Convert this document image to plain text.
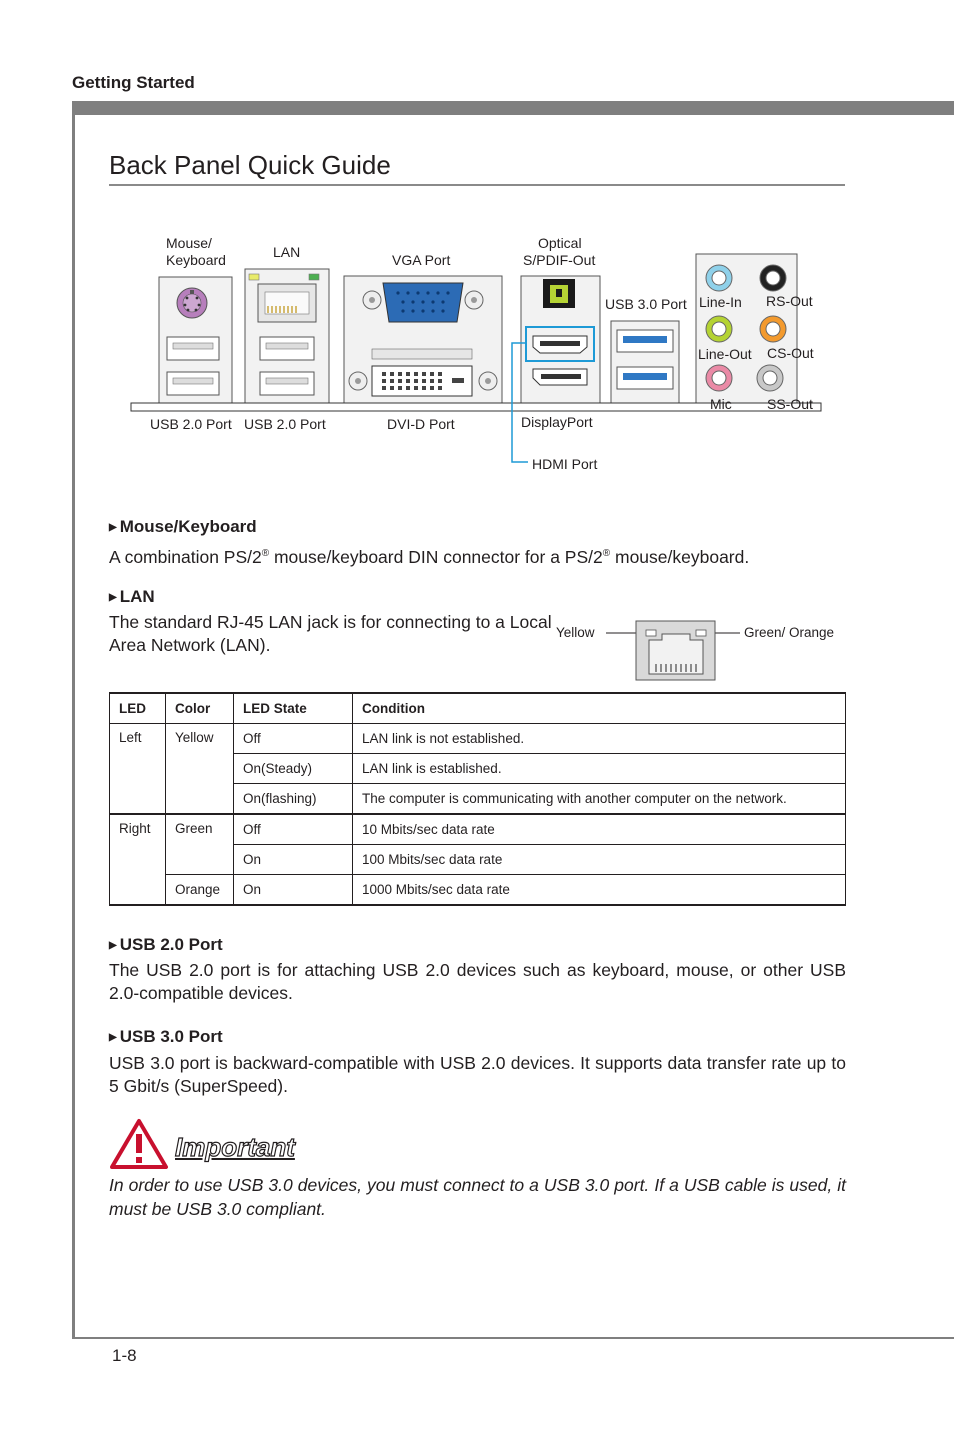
Getting Started
1-8
Back Panel Quick Guide
Mouse/
Keyboard	LAN	VGA Port
Optical
S/PDIF-Out
USB 3.0 Port Line-In RS-Out
Line-Out CS-Out
Mic	SS-Out
USB 2.0 Port USB 2.0 Port	DVI-D Port	DisplayPort
HDMI Port
▶ Mouse/Keyboard
A combination PS/2® mouse/keyboard DIN connector for a PS/2® mouse/keyboard.
▶ LAN
The standard RJ-45 LAN jack is for connecting to a Local Area Network (LAN).
Yellow	Green/ Orange
LED	Color	LED State	Condition
Left	Yellow	Off	LAN link is not established.
		On(Steady)	LAN link is established.
		On(flashing)	The computer is communicating with another computer on the network.
Right	Green	Off	10 Mbits/sec data rate
		On	100 Mbits/sec data rate
	Orange	On	1000 Mbits/sec data rate
▶ USB 2.0 Port
The USB 2.0 port is for attaching USB 2.0 devices such as keyboard, mouse, or other USB 2.0-compatible devices.
▶ USB 3.0 Port
USB 3.0 port is backward-compatible with USB 2.0 devices. It supports data transfer rate up to 5 Gbit/s (SuperSpeed).
Important
In order to use USB 3.0 devices, you must connect to a USB 3.0 port. If a USB cable is used, it must be USB 3.0 compliant.
